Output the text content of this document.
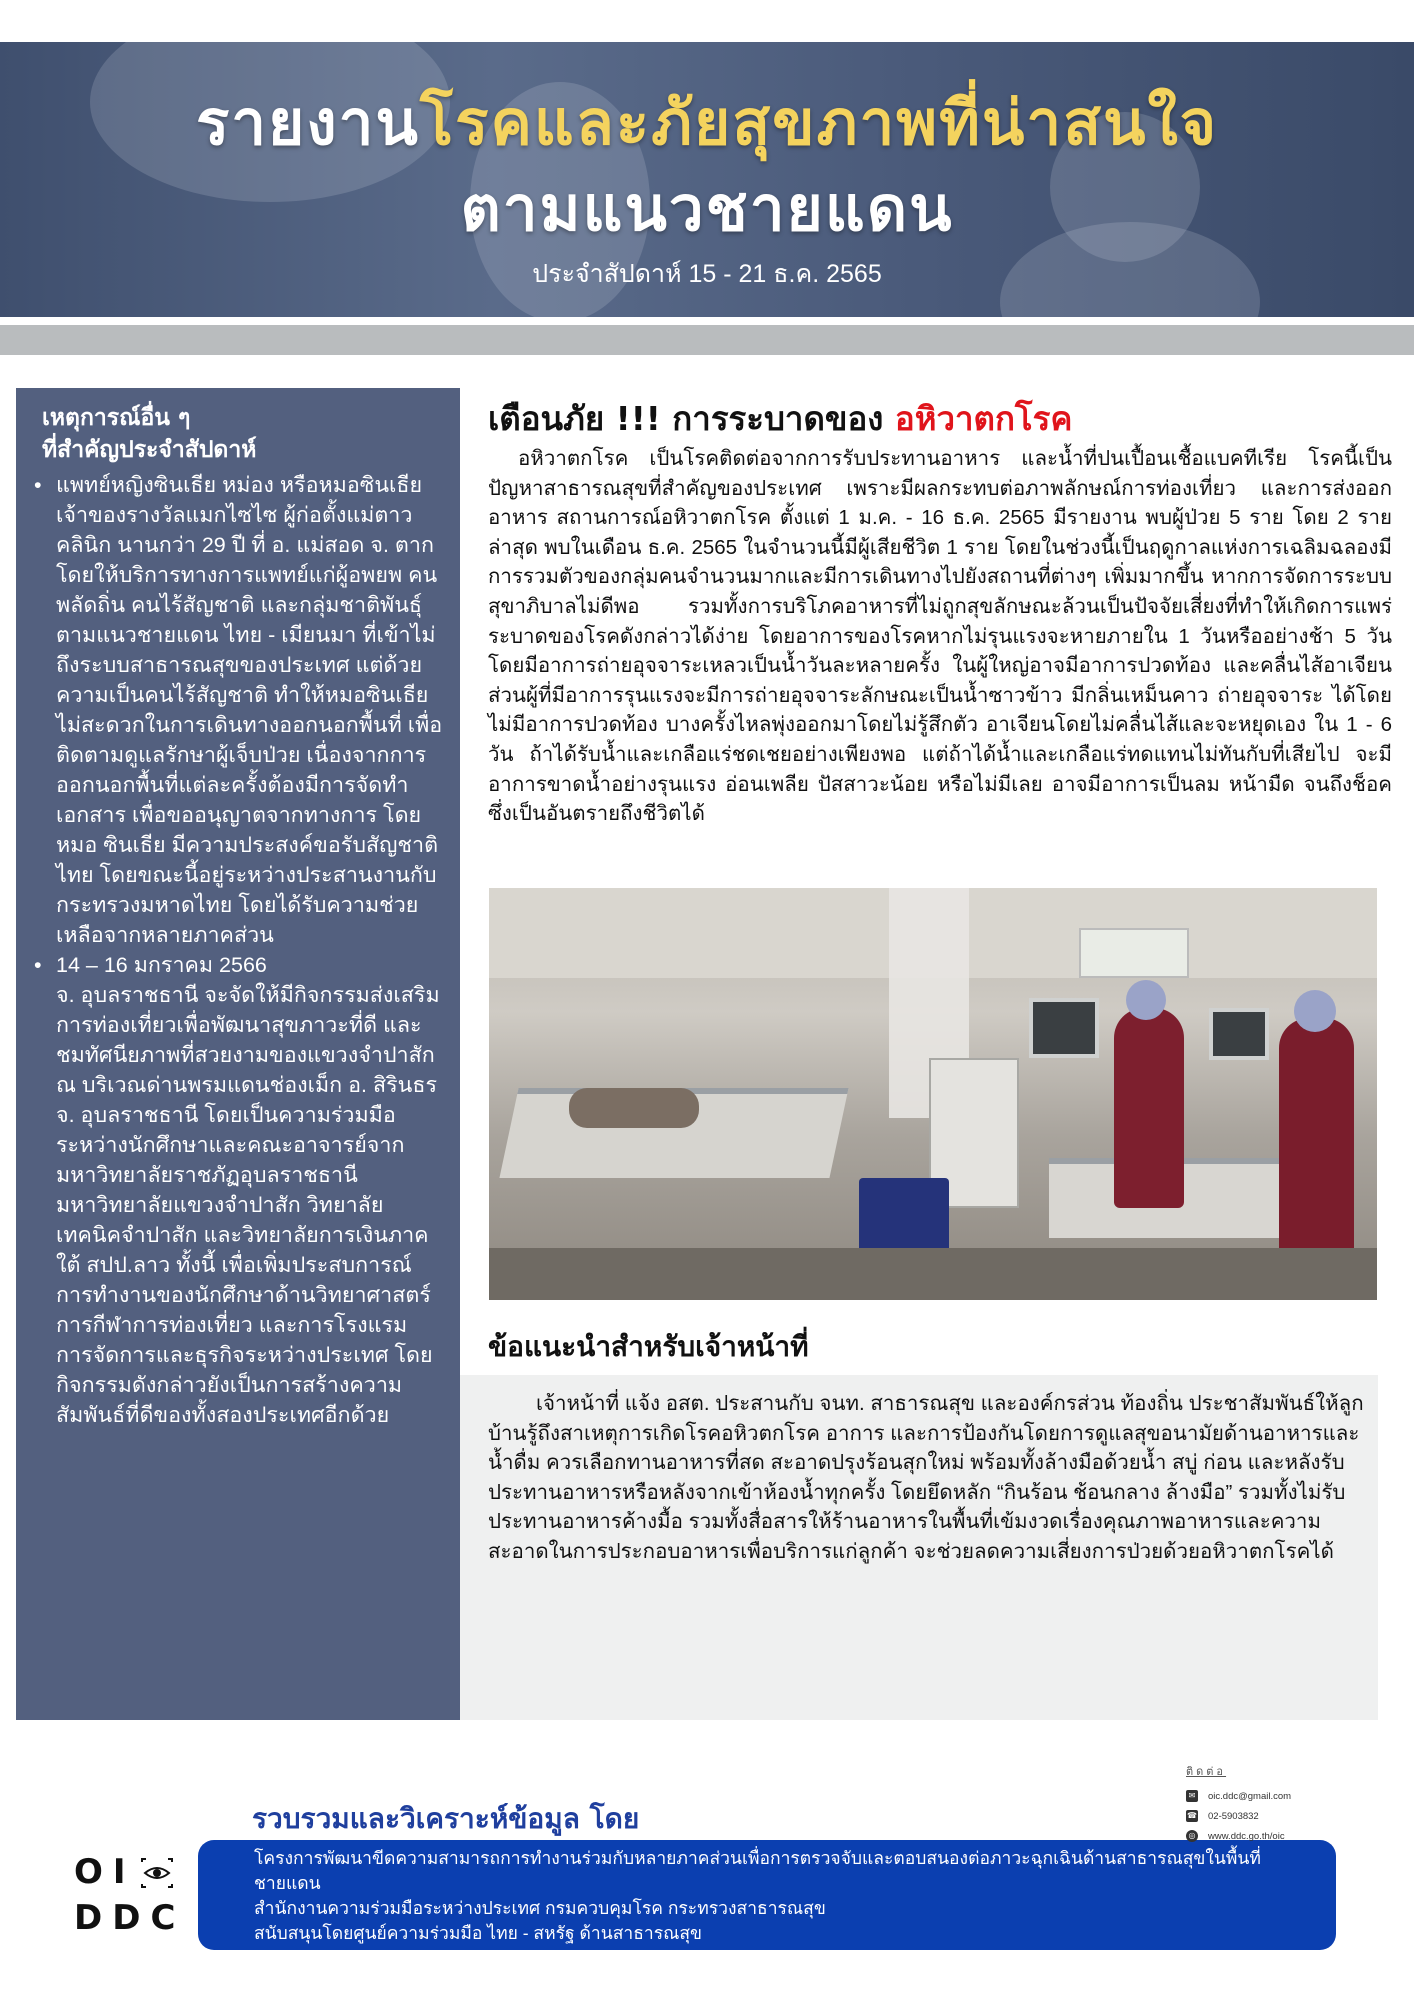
รายงานโรคและภัยสุขภาพที่น่าสนใจ
ตามแนวชายแดน
ประจำสัปดาห์ 15 - 21 ธ.ค. 2565
เหตุการณ์อื่น ๆ
ที่สำคัญประจำสัปดาห์
• แพทย์หญิงซินเธีย หม่อง หรือหมอซินเธีย เจ้าของรางวัลแมกไซไซ ผู้ก่อตั้งแม่ตาวคลินิก นานกว่า 29 ปี ที่ อ. แม่สอด จ. ตาก โดยให้บริการทางการแพทย์แก่ผู้อพยพ คนพลัดถิ่น คนไร้สัญชาติ และกลุ่มชาติพันธุ์ตามแนวชายแดน ไทย - เมียนมา ที่เข้าไม่ถึงระบบสาธารณสุขของประเทศ แต่ด้วยความเป็นคนไร้สัญชาติ ทำให้หมอซินเธีย ไม่สะดวกในการเดินทางออกนอกพื้นที่ เพื่อติดตามดูแลรักษาผู้เจ็บป่วย เนื่องจากการออกนอกพื้นที่แต่ละครั้งต้องมีการจัดทำเอกสาร เพื่อขออนุญาตจากทางการ โดยหมอ ซินเธีย มีความประสงค์ขอรับสัญชาติไทย โดยขณะนี้อยู่ระหว่างประสานงานกับกระทรวงมหาดไทย โดยได้รับความช่วยเหลือจากหลายภาคส่วน

• 14 – 16 มกราคม 2566

จ. อุบลราชธานี จะจัดให้มีกิจกรรมส่งเสริมการท่องเที่ยวเพื่อพัฒนาสุขภาวะที่ดี และชมทัศนียภาพที่สวยงามของแขวงจำปาสัก ณ บริเวณด่านพรมแดนช่องเม็ก อ. สิรินธร จ. อุบลราชธานี โดยเป็นความร่วมมือระหว่างนักศึกษาและคณะอาจารย์จากมหาวิทยาลัยราชภัฏอุบลราชธานี มหาวิทยาลัยแขวงจำปาสัก วิทยาลัยเทคนิคจำปาสัก และวิทยาลัยการเงินภาคใต้ สปป.ลาว ทั้งนี้ เพื่อเพิ่มประสบการณ์การทำงานของนักศึกษาด้านวิทยาศาสตร์การกีฬาการท่องเที่ยว และการโรงแรม การจัดการและธุรกิจระหว่างประเทศ โดยกิจกรรมดังกล่าวยังเป็นการสร้างความสัมพันธ์ที่ดีของทั้งสองประเทศอีกด้วย

เตือนภัย !!! การระบาดของ อหิวาตกโรค
อหิวาตกโรค เป็นโรคติดต่อจากการรับประทานอาหาร และน้ำที่ปนเปื้อนเชื้อแบคทีเรีย โรคนี้เป็นปัญหาสาธารณสุขที่สำคัญของประเทศ เพราะมีผลกระทบต่อภาพลักษณ์การท่องเที่ยว และการส่งออกอาหาร สถานการณ์อหิวาตกโรค ตั้งแต่ 1 ม.ค. - 16 ธ.ค. 2565 มีรายงาน พบผู้ป่วย 5 ราย โดย 2 รายล่าสุด พบในเดือน ธ.ค. 2565 ในจำนวนนี้มีผู้เสียชีวิต 1 ราย โดยในช่วงนี้เป็นฤดูกาลแห่งการเฉลิมฉลองมีการรวมตัวของกลุ่มคนจำนวนมากและมีการเดินทางไปยังสถานที่ต่างๆ เพิ่มมากขึ้น หากการจัดการระบบสุขาภิบาลไม่ดีพอ รวมทั้งการบริโภคอาหารที่ไม่ถูกสุขลักษณะล้วนเป็นปัจจัยเสี่ยงที่ทำให้เกิดการแพร่ระบาดของโรคดังกล่าวได้ง่าย โดยอาการของโรคหากไม่รุนแรงจะหายภายใน 1 วันหรืออย่างช้า 5 วัน โดยมีอาการถ่ายอุจจาระเหลวเป็นน้ำวันละหลายครั้ง ในผู้ใหญ่อาจมีอาการปวดท้อง และคลื่นไส้อาเจียน ส่วนผู้ที่มีอาการรุนแรงจะมีการถ่ายอุจจาระลักษณะเป็นน้ำซาวข้าว มีกลิ่นเหม็นคาว ถ่ายอุจจาระ ได้โดยไม่มีอาการปวดท้อง บางครั้งไหลพุ่งออกมาโดยไม่รู้สึกตัว อาเจียนโดยไม่คลื่นไส้และจะหยุดเอง ใน 1 - 6 วัน ถ้าได้รับน้ำและเกลือแร่ชดเชยอย่างเพียงพอ แต่ถ้าได้น้ำและเกลือแร่ทดแทนไม่ทันกับที่เสียไป จะมีอาการขาดน้ำอย่างรุนแรง อ่อนเพลีย ปัสสาวะน้อย หรือไม่มีเลย อาจมีอาการเป็นลม หน้ามืด จนถึงช็อค ซึ่งเป็นอันตรายถึงชีวิตได้
ข้อแนะนำสำหรับเจ้าหน้าที่

เจ้าหน้าที่ แจ้ง อสต. ประสานกับ จนท. สาธารณสุข และองค์กรส่วน ท้องถิ่น ประชาสัมพันธ์ให้ลูกบ้านรู้ถึงสาเหตุการเกิดโรคอหิวตกโรค อาการ และการป้องกันโดยการดูแลสุขอนามัยด้านอาหารและน้ำดื่ม ควรเลือกทานอาหารที่สด สะอาดปรุงร้อนสุกใหม่ พร้อมทั้งล้างมือด้วยน้ำ สบู่ ก่อน และหลังรับประทานอาหารหรือหลังจากเข้าห้องน้ำทุกครั้ง โดยยึดหลัก “กินร้อน ช้อนกลาง ล้างมือ” รวมทั้งไม่รับประทานอาหารค้างมื้อ รวมทั้งสื่อสารให้ร้านอาหารในพื้นที่เข้มงวดเรื่องคุณภาพอาหารและความสะอาดในการประกอบอาหารเพื่อบริการแก่ลูกค้า จะช่วยลดความเสี่ยงการป่วยด้วยอหิวาตกโรคได้

OI
DDC
รวบรวมและวิเคราะห์ข้อมูล โดย

โครงการพัฒนาขีดความสามารถการทำงานร่วมกับหลายภาคส่วนเพื่อการตรวจจับและตอบสนองต่อภาวะฉุกเฉินด้านสาธารณสุขในพื้นที่ชายแดน

สำนักงานความร่วมมือระหว่างประเทศ กรมควบคุมโรค กระทรวงสาธารณสุข

สนับสนุนโดยศูนย์ความร่วมมือ ไทย - สหรัฐ ด้านสาธารณสุข

ติดต่อ
✉ oic.ddc@gmail.com
☎ 02-5903832
◎ www.ddc.go.th/oic
